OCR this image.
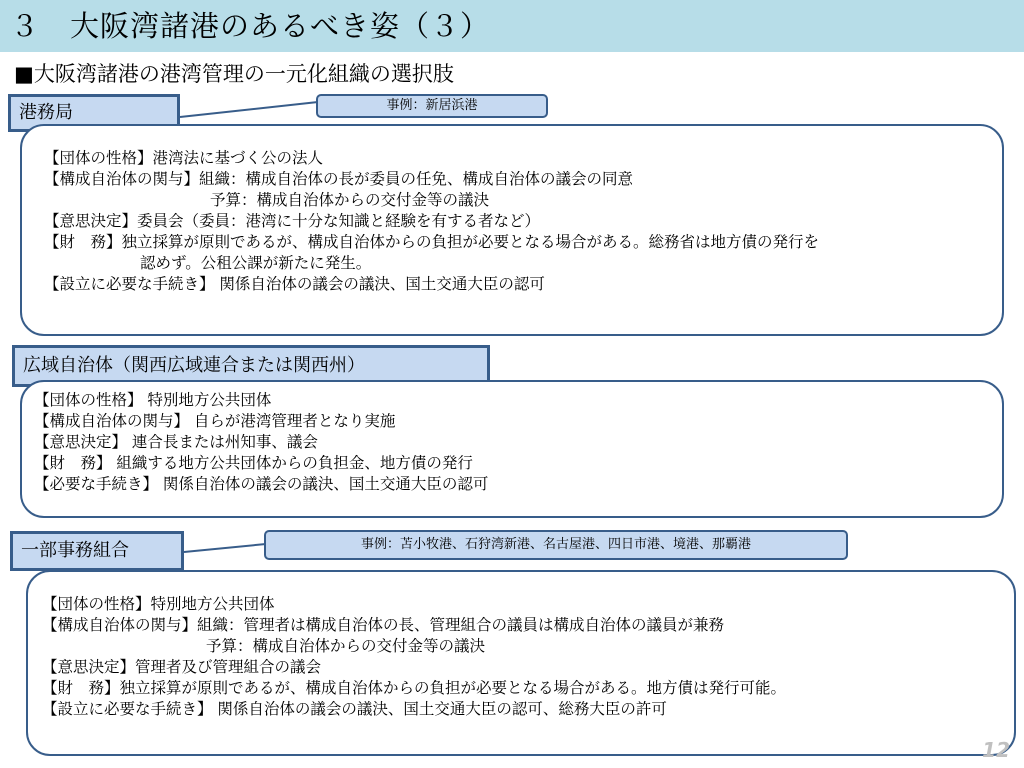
３　大阪湾諸港のあるべき姿（３）
■大阪湾諸港の港湾管理の一元化組織の選択肢
港務局	事例：新居浜港
【団体の性格】港湾法に基づく公の法人
【構成自治体の関与】組織：構成自治体の長が委員の任免、構成自治体の議会の同意
予算：構成自治体からの交付金等の議決
【意思決定】委員会（委員：港湾に十分な知識と経験を有する者など）
【財　務】独立採算が原則であるが、構成自治体からの負担が必要となる場合がある。総務省は地方債の発行を
認めず。公租公課が新たに発生。
【設立に必要な手続き】 関係自治体の議会の議決、国土交通大臣の認可
広域自治体（関西広域連合または関西州）
【団体の性格】 特別地方公共団体
【構成自治体の関与】 自らが港湾管理者となり実施
【意思決定】 連合長または州知事、議会
【財　務】 組織する地方公共団体からの負担金、地方債の発行
【必要な手続き】 関係自治体の議会の議決、国土交通大臣の認可
一部事務組合	事例：苫小牧港、石狩湾新港、名古屋港、四日市港、境港、那覇港
【団体の性格】特別地方公共団体
【構成自治体の関与】組織：管理者は構成自治体の長、管理組合の議員は構成自治体の議員が兼務
予算：構成自治体からの交付金等の議決
【意思決定】管理者及び管理組合の議会
【財　務】独立採算が原則であるが、構成自治体からの負担が必要となる場合がある。地方債は発行可能。
【設立に必要な手続き】 関係自治体の議会の議決、国土交通大臣の認可、総務大臣の許可
12
